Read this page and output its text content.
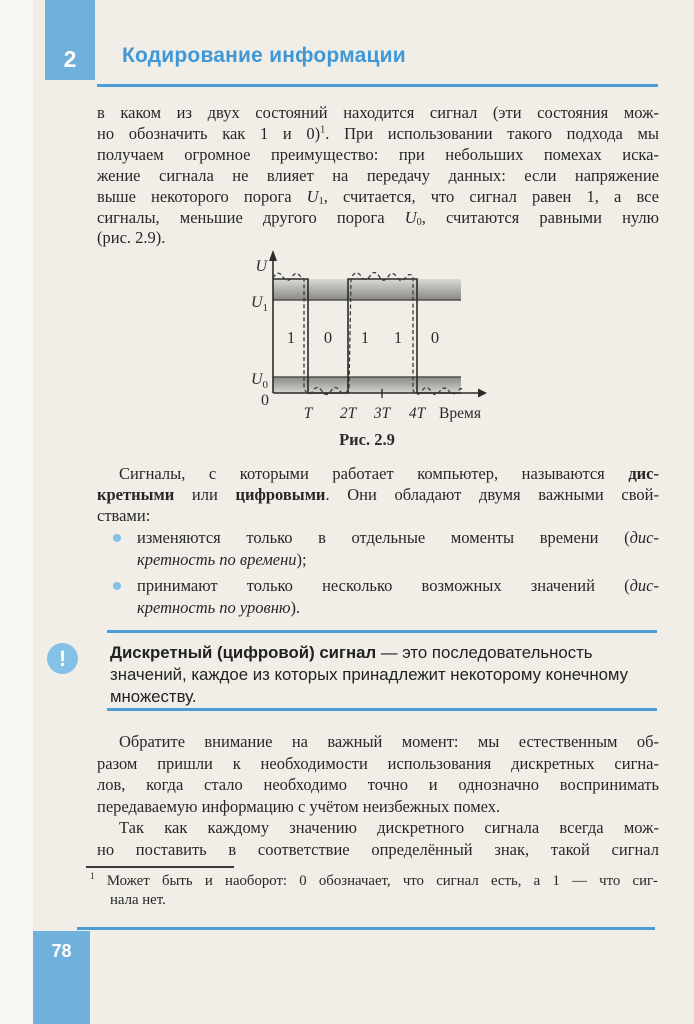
2 Кодирование информации
в каком из двух состояний находится сигнал (эти состояния мож-
но обозначить как 1 и 0)$^1$. При использовании такого подхода мы
получаем огромное преимущество: при небольших помехах иска-
жение сигнала не влияет на передачу данных: если напряжение
выше некоторого порога $U_1$, считается, что сигнал равен 1, а все
сигналы, меньшие другого порога $U_0$, считаются равными нулю
(рис. 2.9).
U
$U_1$
$U_0$
0
1 0 1 1 0
T 2T 3T 4T Время
Рис. 2.9
Сигналы, с которыми работает компьютер, называются дис-
кретными или цифровыми. Они обладают двумя важными свой-
ствами:
изменяются только в отдельные моменты времени (дис-
кретность по времени);
принимают только несколько возможных значений (дис-
кретность по уровню).
!	Дискретный (цифровой) сигнал — это последовательность
значений, каждое из которых принадлежит некоторому конечному
множеству.
Обратите внимание на важный момент: мы естественным об-
разом пришли к необходимости использования дискретных сигна-
лов, когда стало необходимо точно и однозначно воспринимать
передаваемую информацию с учётом неизбежных помех.
Так как каждому значению дискретного сигнала всегда мож-
но поставить в соответствие определённый знак, такой сигнал
$^1$ Может быть и наоборот: 0 обозначает, что сигнал есть, а 1 — что сиг-
нала нет.
78
